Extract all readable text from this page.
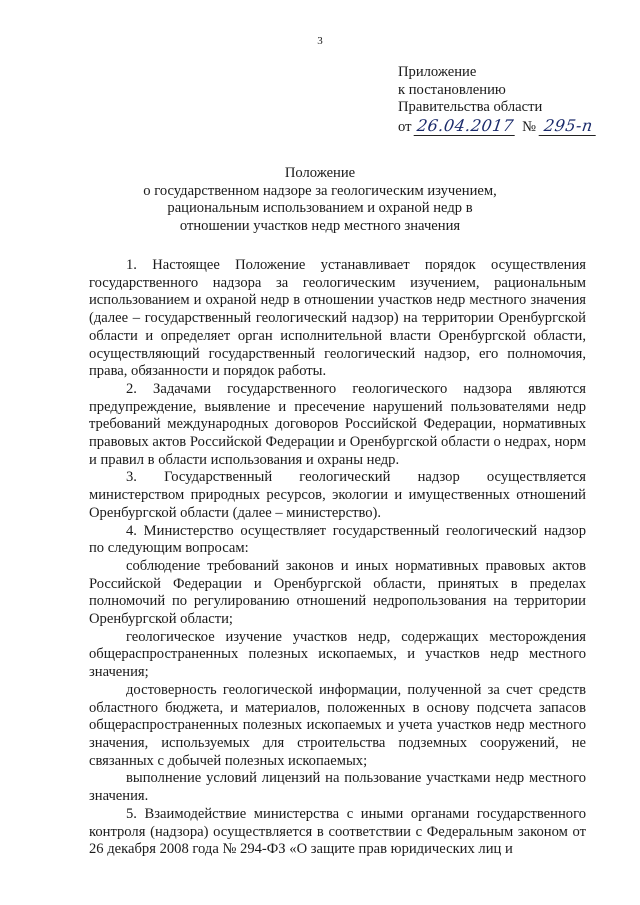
3
Приложение
к постановлению
Правительства области
от 26.04.2017 № 295-п
Положение
о государственном надзоре за геологическим изучением,
рациональным использованием и охраной недр в
отношении участков недр местного значения

1. Настоящее Положение устанавливает порядок осуществления государственного надзора за геологическим изучением, рациональным использованием и охраной недр в отношении участков недр местного значения (далее – государственный геологический надзор) на территории Оренбургской области и определяет орган исполнительной власти Оренбургской области, осуществляющий государственный геологический надзор, его полномочия, права, обязанности и порядок работы.

2. Задачами государственного геологического надзора являются предупреждение, выявление и пресечение нарушений пользователями недр требований международных договоров Российской Федерации, нормативных правовых актов Российской Федерации и Оренбургской области о недрах, норм и правил в области использования и охраны недр.

3. Государственный геологический надзор осуществляется министерством природных ресурсов, экологии и имущественных отношений Оренбургской области (далее – министерство).

4. Министерство осуществляет государственный геологический надзор по следующим вопросам:

соблюдение требований законов и иных нормативных правовых актов Российской Федерации и Оренбургской области, принятых в пределах полномочий по регулированию отношений недропользования на территории Оренбургской области;

геологическое изучение участков недр, содержащих месторождения общераспространенных полезных ископаемых, и участков недр местного значения;

достоверность геологической информации, полученной за счет средств областного бюджета, и материалов, положенных в основу подсчета запасов общераспространенных полезных ископаемых и учета участков недр местного значения, используемых для строительства подземных сооружений, не связанных с добычей полезных ископаемых;

выполнение условий лицензий на пользование участками недр местного значения.

5. Взаимодействие министерства с иными органами государственного контроля (надзора) осуществляется в соответствии с Федеральным законом от 26 декабря 2008 года № 294-ФЗ «О защите прав юридических лиц и
